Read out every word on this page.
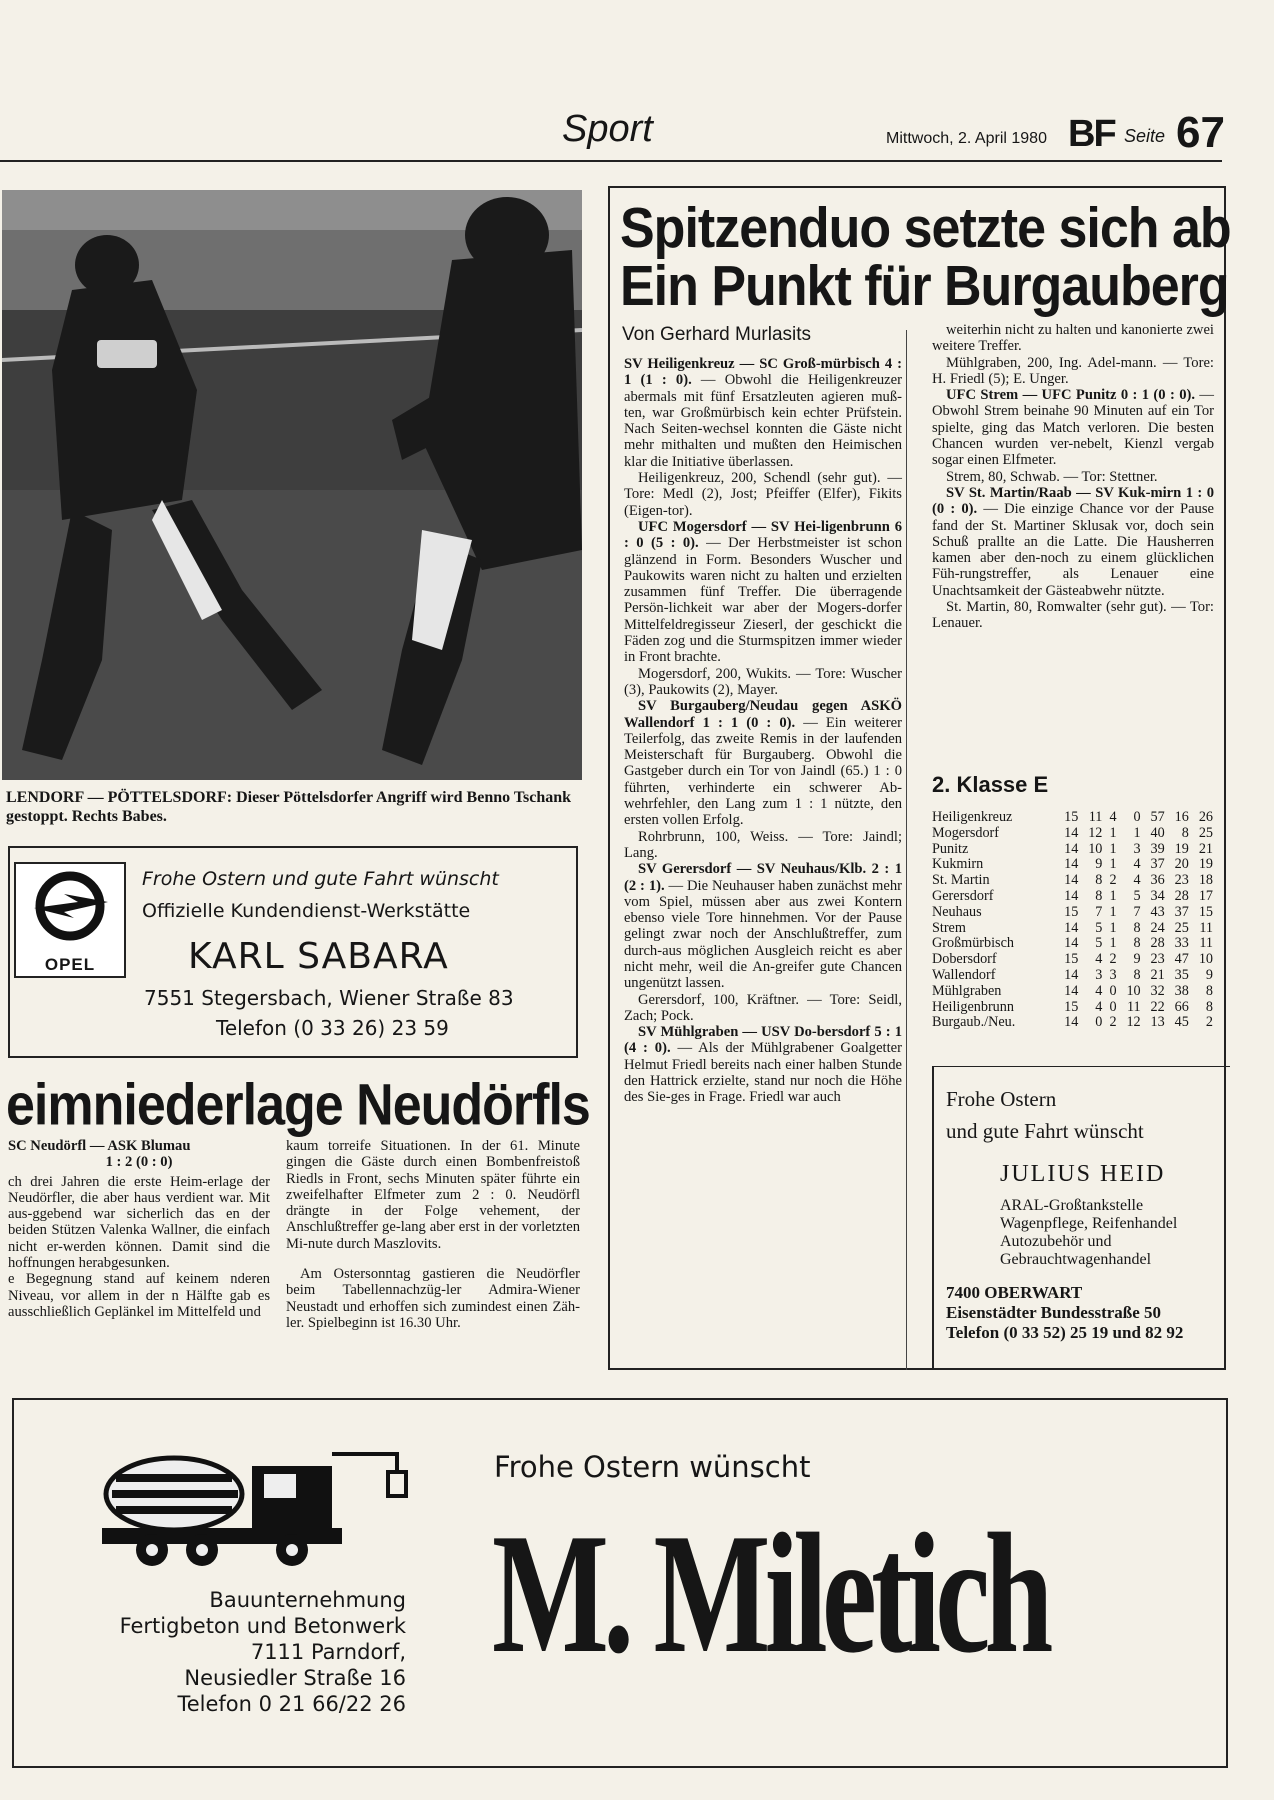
Sport	Mittwoch, 2. April 1980 BF Seite 67
LENDORF — PÖTTELSDORF: Dieser Pöttelsdorfer Angriff wird Benno Tschank gestoppt. Rechts Babes.
OPEL
Frohe Ostern und gute Fahrt wünscht
Offizielle Kundendienst-Werkstätte
KARL SABARA
7551 Stegersbach, Wiener Straße 83
Telefon (0 33 26) 23 59
eimniederlage Neudörfls

SC Neudörfl — ASK Blumau

1 : 2 (0 : 0)

ch drei Jahren die erste Heim-erlage der Neudörfler, die aber haus verdient war. Mit aus-ggebend war sicherlich das en der beiden Stützen Valenka Wallner, die einfach nicht er-werden können. Damit sind die hoffnungen herabgesunken.

e Begegnung stand auf keinem nderen Niveau, vor allem in der n Hälfte gab es ausschließlich Geplänkel im Mittelfeld und

kaum torreife Situationen. In der 61. Minute gingen die Gäste durch einen Bombenfreistoß Riedls in Front, sechs Minuten später führte ein zweifelhafter Elfmeter zum 2 : 0. Neudörfl drängte in der Folge vehement, der Anschlußtreffer ge-lang aber erst in der vorletzten Mi-nute durch Maszlovits.

Am Ostersonntag gastieren die Neudörfler beim Tabellennachzüg-ler Admira-Wiener Neustadt und erhoffen sich zumindest einen Zäh-ler. Spielbeginn ist 16.30 Uhr.

Spitzenduo setzte sich ab
Ein Punkt für Burgauberg
Von Gerhard Murlasits

SV Heiligenkreuz — SC Groß-mürbisch 4 : 1 (1 : 0). — Obwohl die Heiligenkreuzer abermals mit fünf Ersatzleuten agieren muß-ten, war Großmürbisch kein echter Prüfstein. Nach Seiten-wechsel konnten die Gäste nicht mehr mithalten und mußten den Heimischen klar die Initiative überlassen.

Heiligenkreuz, 200, Schendl (sehr gut). — Tore: Medl (2), Jost; Pfeiffer (Elfer), Fikits (Eigen-tor).

UFC Mogersdorf — SV Hei-ligenbrunn 6 : 0 (5 : 0). — Der Herbstmeister ist schon glänzend in Form. Besonders Wuscher und Paukowits waren nicht zu halten und erzielten zusammen fünf Treffer. Die überragende Persön-lichkeit war aber der Mogers-dorfer Mittelfeldregisseur Zieserl, der geschickt die Fäden zog und die Sturmspitzen immer wieder in Front brachte.

Mogersdorf, 200, Wukits. — Tore: Wuscher (3), Paukowits (2), Mayer.

SV Burgauberg/Neudau gegen ASKÖ Wallendorf 1 : 1 (0 : 0). — Ein weiterer Teilerfolg, das zweite Remis in der laufenden Meisterschaft für Burgauberg. Obwohl die Gastgeber durch ein Tor von Jaindl (65.) 1 : 0 führten, verhinderte ein schwerer Ab-wehrfehler, den Lang zum 1 : 1 nützte, den ersten vollen Erfolg.

Rohrbrunn, 100, Weiss. — Tore: Jaindl; Lang.

SV Gerersdorf — SV Neuhaus/Klb. 2 : 1 (2 : 1). — Die Neuhauser haben zunächst mehr vom Spiel, müssen aber aus zwei Kontern ebenso viele Tore hinnehmen. Vor der Pause gelingt zwar noch der Anschlußtreffer, zum durch-aus möglichen Ausgleich reicht es aber nicht mehr, weil die An-greifer gute Chancen ungenützt lassen.

Gerersdorf, 100, Kräftner. — Tore: Seidl, Zach; Pock.

SV Mühlgraben — USV Do-bersdorf 5 : 1 (4 : 0). — Als der Mühlgrabener Goalgetter Helmut Friedl bereits nach einer halben Stunde den Hattrick erzielte, stand nur noch die Höhe des Sie-ges in Frage. Friedl war auch

weiterhin nicht zu halten und kanonierte zwei weitere Treffer.

Mühlgraben, 200, Ing. Adel-mann. — Tore: H. Friedl (5); E. Unger.

UFC Strem — UFC Punitz 0 : 1 (0 : 0). — Obwohl Strem beinahe 90 Minuten auf ein Tor spielte, ging das Match verloren. Die besten Chancen wurden ver-nebelt, Kienzl vergab sogar einen Elfmeter.

Strem, 80, Schwab. — Tor: Stettner.

SV St. Martin/Raab — SV Kuk-mirn 1 : 0 (0 : 0). — Die einzige Chance vor der Pause fand der St. Martiner Sklusak vor, doch sein Schuß prallte an die Latte. Die Hausherren kamen aber den-noch zu einem glücklichen Füh-rungstreffer, als Lenauer eine Unachtsamkeit der Gästeabwehr nützte.

St. Martin, 80, Romwalter (sehr gut). — Tor: Lenauer.

2. Klasse E
Heiligenkreuz	15	11	4	0	57	16	26
Mogersdorf	14	12	1	1	40	8	25
Punitz	14	10	1	3	39	19	21
Kukmirn	14	9	1	4	37	20	19
St. Martin	14	8	2	4	36	23	18
Gerersdorf	14	8	1	5	34	28	17
Neuhaus	15	7	1	7	43	37	15
Strem	14	5	1	8	24	25	11
Großmürbisch	14	5	1	8	28	33	11
Dobersdorf	15	4	2	9	23	47	10
Wallendorf	14	3	3	8	21	35	9
Mühlgraben	14	4	0	10	32	38	8
Heiligenbrunn	15	4	0	11	22	66	8
Burgaub./Neu.	14	0	2	12	13	45	2
Frohe Ostern
und gute Fahrt wünscht
JULIUS HEID
ARAL-Großtankstelle
Wagenpflege, Reifenhandel
Autozubehör und
Gebrauchtwagenhandel
7400 OBERWART
Eisenstädter Bundesstraße 50
Telefon (0 33 52) 25 19 und 82 92
Bauunternehmung
Fertigbeton und Betonwerk
7111 Parndorf,
Neusiedler Straße 16
Telefon 0 21 66/22 26
Frohe Ostern wünscht
M. Miletich
